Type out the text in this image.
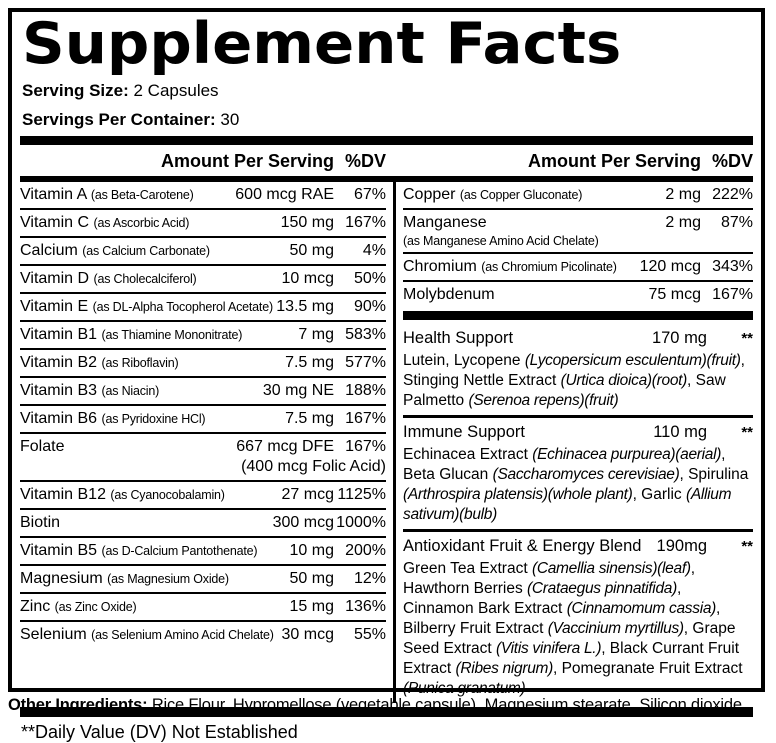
Supplement Facts
Serving Size: 2 Capsules
Servings Per Container: 30
Amount Per Serving %DV	Amount Per Serving %DV
Vitamin A (as Beta-Carotene)	600 mcg RAE	67%
Vitamin C (as Ascorbic Acid)	150 mg 167%
Calcium (as Calcium Carbonate)	50 mg	4%
Vitamin D (as Cholecalciferol)	10 mcg	50%
Vitamin E (as DL-Alpha Tocopherol Acetate) 13.5 mg	90%
Vitamin B1 (as Thiamine Mononitrate)	7 mg 583%
Vitamin B2 (as Riboflavin)	7.5 mg 577%
Vitamin B3 (as Niacin)	30 mg NE 188%
Vitamin B6 (as Pyridoxine HCl)	7.5 mg 167%
Folate	667 mcg DFE 167%
(400 mcg Folic Acid)
Vitamin B12 (as Cyanocobalamin)	27 mcg 1125%
Biotin	300 mcg 1000%
Vitamin B5 (as D-Calcium Pantothenate)	10 mg 200%
Magnesium (as Magnesium Oxide)	50 mg	12%
Zinc (as Zinc Oxide)	15 mg 136%
Selenium (as Selenium Amino Acid Chelate) 30 mcg	55%
Copper (as Copper Gluconate)	2 mg 222%
Manganese	2 mg	87%
(as Manganese Amino Acid Chelate)
Chromium (as Chromium Picolinate)	120 mcg 343%
Molybdenum	75 mcg 167%
Health Support	170 mg	**
Lutein, Lycopene (Lycopersicum esculentum)(fruit), Stinging Nettle Extract (Urtica dioica)(root), Saw Palmetto (Serenoa repens)(fruit)
Immune Support	110 mg	**
Echinacea Extract (Echinacea purpurea)(aerial), Beta Glucan (Saccharomyces cerevisiae), Spirulina (Arthrospira platensis)(whole plant), Garlic (Allium sativum)(bulb)
Antioxidant Fruit & Energy Blend 190mg	**
Green Tea Extract (Camellia sinensis)(leaf), Hawthorn Berries (Crataegus pinnatifida), Cinnamon Bark Extract (Cinnamomum cassia), Bilberry Fruit Extract (Vaccinium myrtillus), Grape Seed Extract (Vitis vinifera L.), Black Currant Fruit Extract (Ribes nigrum), Pomegranate Fruit Extract (Punica granatum)
**Daily Value (DV) Not Established
Other Ingredients: Rice Flour, Hypromellose (vegetable capsule), Magnesium stearate, Silicon dioxide.
